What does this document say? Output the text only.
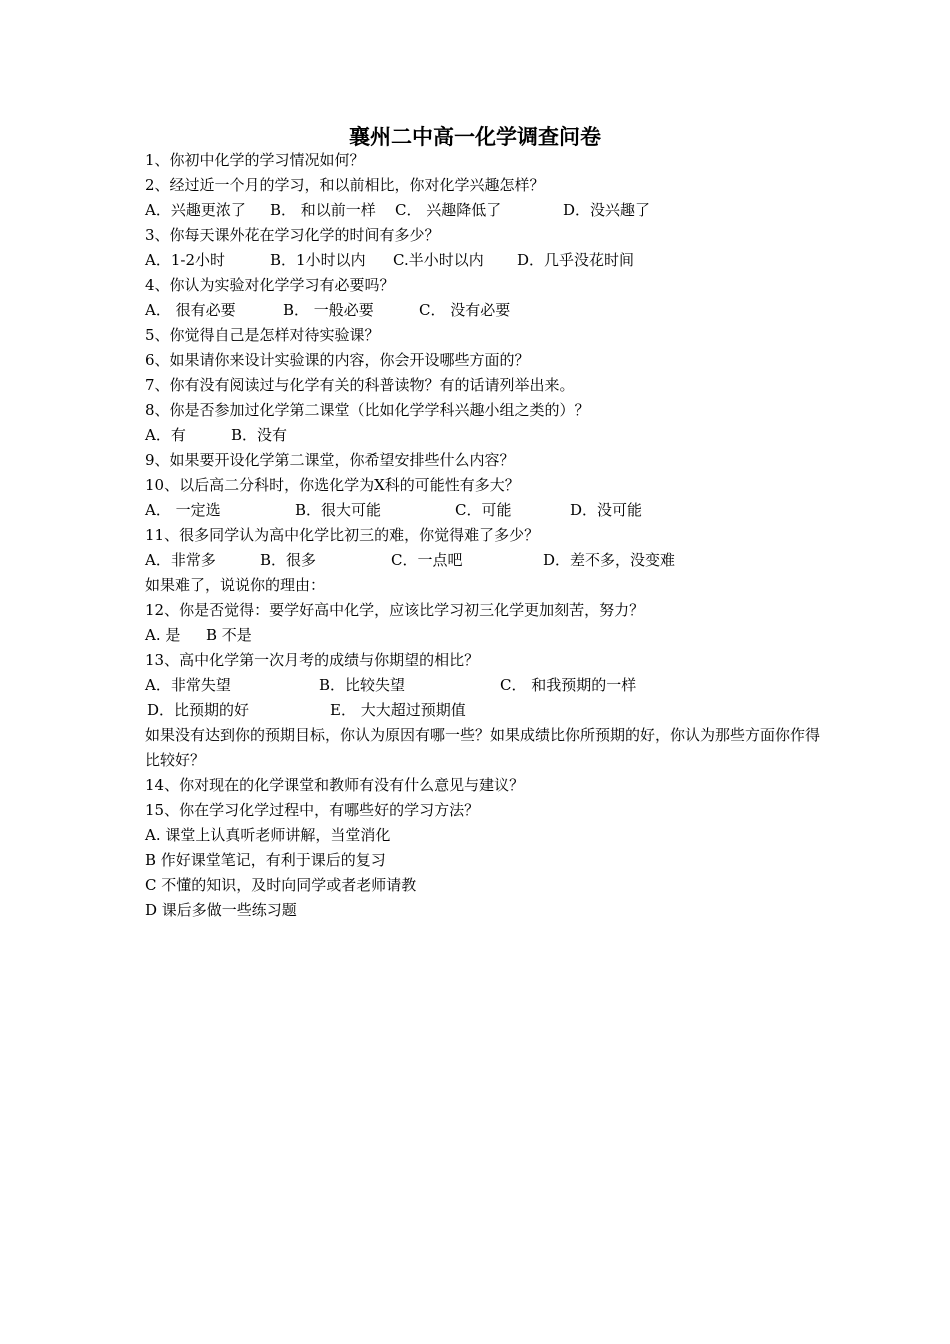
襄州二中高一化学调查问卷
1、你初中化学的学习情况如何？
2、经过近一个月的学习，和以前相比，你对化学兴趣怎样？
A．兴趣更浓了 B． 和以前一样 C． 兴趣降低了	D．没兴趣了
3、你每天课外花在学习化学的时间有多少？
A．1-2小时	B．1小时以内 C.半小时以内 D．几乎没花时间
4、你认为实验对化学学习有必要吗？
A． 很有必要	B． 一般必要	C． 没有必要
5、你觉得自己是怎样对待实验课？
6、如果请你来设计实验课的内容，你会开设哪些方面的？
7、你有没有阅读过与化学有关的科普读物？有的话请列举出来。
8、你是否参加过化学第二课堂（比如化学学科兴趣小组之类的）？
A．有	B．没有
9、如果要开设化学第二课堂，你希望安排些什么内容？
10、以后高二分科时，你选化学为X科的可能性有多大？
A． 一定选	B．很大可能	C．可能	D．没可能
11、很多同学认为高中化学比初三的难，你觉得难了多少？
A．非常多	B．很多	C．一点吧	D．差不多，没变难
如果难了，说说你的理由：
12、你是否觉得：要学好高中化学，应该比学习初三化学更加刻苦，努力？
A. 是 B 不是
13、高中化学第一次月考的成绩与你期望的相比？
A．非常失望	B．比较失望	C． 和我预期的一样
D．比预期的好	E． 大大超过预期值
如果没有达到你的预期目标，你认为原因有哪一些？如果成绩比你所预期的好，你认为那些方面你作得比较好？
14、你对现在的化学课堂和教师有没有什么意见与建议？
15、你在学习化学过程中，有哪些好的学习方法？
A. 课堂上认真听老师讲解，当堂消化
B 作好课堂笔记，有利于课后的复习
C 不懂的知识，及时向同学或者老师请教
D 课后多做一些练习题
